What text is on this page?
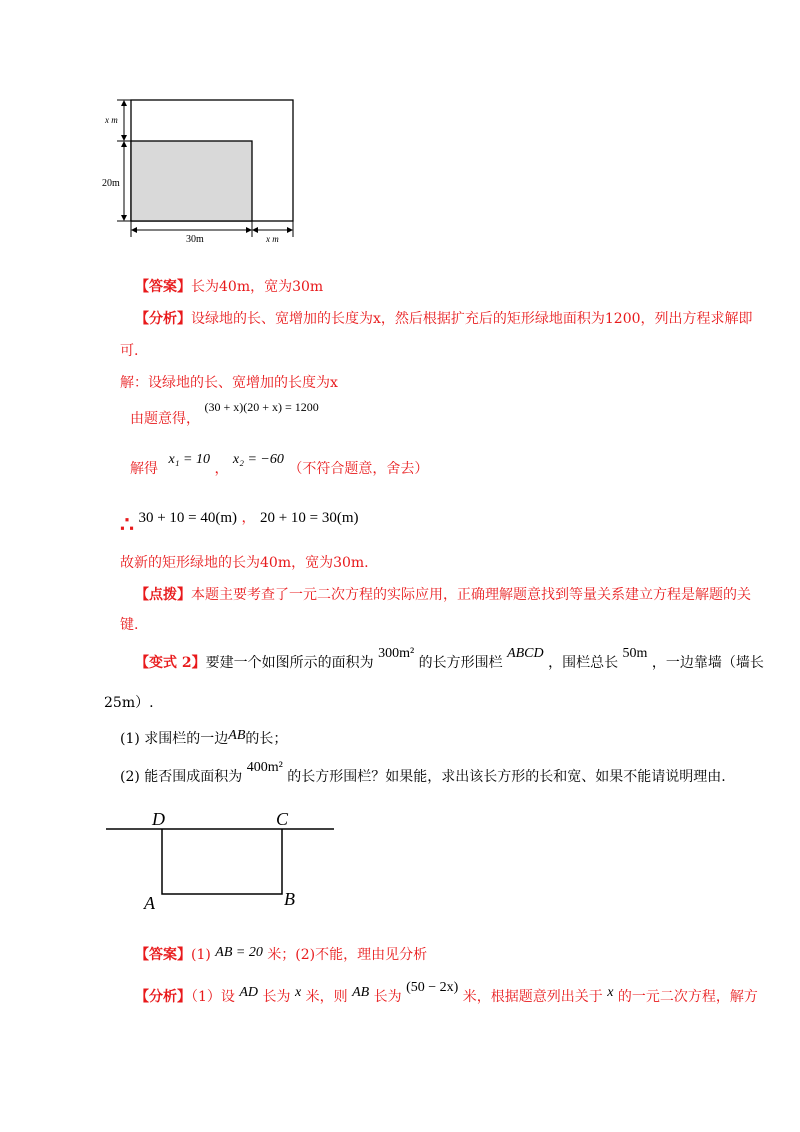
x m
20m
30m	x m
【答案】长为40m，宽为30m
【分析】设绿地的长、宽增加的长度为x，然后根据扩充后的矩形绿地面积为1200，列出方程求解即
可.
解：设绿地的长、宽增加的长度为x
由题意得， (30 + x)(20 + x) = 1200
解得 x₁ = 10 ， x₂ = −60 （不符合题意，舍去）
∴ 30 + 10 = 40(m) ， 20 + 10 = 30(m)
故新的矩形绿地的长为40m，宽为30m.
【点拨】本题主要考查了一元二次方程的实际应用，正确理解题意找到等量关系建立方程是解题的关
键.
【变式 2】要建一个如图所示的面积为 300m² 的长方形围栏 ABCD ，围栏总长 50m ，一边靠墙（墙长
25m）.
(1) 求围栏的一边AB的长；
(2) 能否围成面积为 400m² 的长方形围栏？如果能，求出该长方形的长和宽、如果不能请说明理由.
D	C
A	B
【答案】(1) AB = 20 米；(2)不能，理由见分析
【分析】（1）设 AD 长为 x 米，则 AB 长为 (50 − 2x) 米，根据题意列出关于 x 的一元二次方程，解方
